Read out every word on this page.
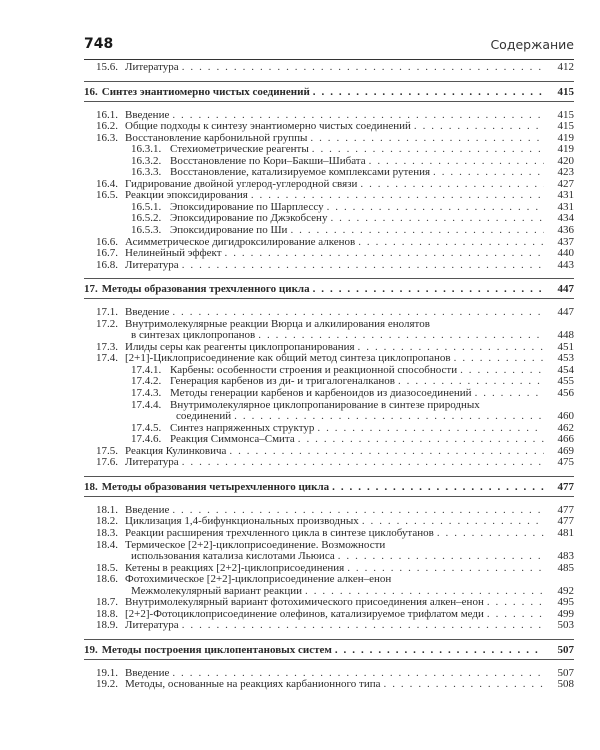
748	Содержание
15.6. Литература . . .	412
16. Синтез энантиомерно чистых соединений . . .	415
16.1. Введение . . .	415
16.2. Общие подходы к синтезу энантиомерно чистых соединений . . .	415
16.3. Восстановление карбонильной группы . . .	419
16.3.1. Стехиометрические реагенты . . .	419
16.3.2. Восстановление по Кори–Бакши–Шибата . . .	420
16.3.3. Восстановление, катализируемое комплексами рутения . . .	423
16.4. Гидрирование двойной углерод-углеродной связи . . .	427
16.5. Реакции эпоксидирования . . .	431
16.5.1. Эпоксидирование по Шарплессу . . .	431
16.5.2. Эпоксидирование по Джэкобсену . . .	434
16.5.3. Эпоксидирование по Ши . . .	436
16.6. Асимметрическое дигидроксилирование алкенов . . .	437
16.7. Нелинейный эффект . . .	440
16.8. Литература . . .	443
17. Методы образования трехчленного цикла . . .	447
17.1. Введение . . .	447
17.2. Внутримолекулярные реакции Вюрца и алкилирования енолятов
в синтезах циклопропанов . . .	448
17.3. Илиды серы как реагенты циклопропанирования . . .	451
17.4. [2+1]-Циклоприсоединение как общий метод синтеза циклопропанов . . .	453
17.4.1. Карбены: особенности строения и реакционной способности . . .	454
17.4.2. Генерация карбенов из ди- и тригалогеналканов . . .	455
17.4.3. Методы генерации карбенов и карбеноидов из диазосоединений . . .	456
17.4.4. Внутримолекулярное циклопропанирование в синтезе природных
соединений . . .	460
17.4.5. Синтез напряженных структур . . .	462
17.4.6. Реакция Симмонса–Смита . . .	466
17.5. Реакция Кулинковича . . .	469
17.6. Литература . . .	475
18. Методы образования четырехчленного цикла . . .	477
18.1. Введение . . .	477
18.2. Циклизация 1,4-бифункциональных производных . . .	477
18.3. Реакции расширения трехчленного цикла в синтезе циклобутанов . . .	481
18.4. Термическое [2+2]-циклоприсоединение. Возможности
использования катализа кислотами Льюиса . . .	483
18.5. Кетены в реакциях [2+2]-циклоприсоединения . . .	485
18.6. Фотохимическое [2+2]-циклоприсоединение алкен–енон
Межмолекулярный вариант реакции . . .	492
18.7. Внутримолекулярный вариант фотохимического присоединения алкен–енон . . .	495
18.8. [2+2]-Фотоциклоприсоединение олефинов, катализируемое трифлатом меди . . .	499
18.9. Литература . . .	503
19. Методы построения циклопентановых систем . . .	507
19.1. Введение . . .	507
19.2. Методы, основанные на реакциях карбанионного типа . . .	508
